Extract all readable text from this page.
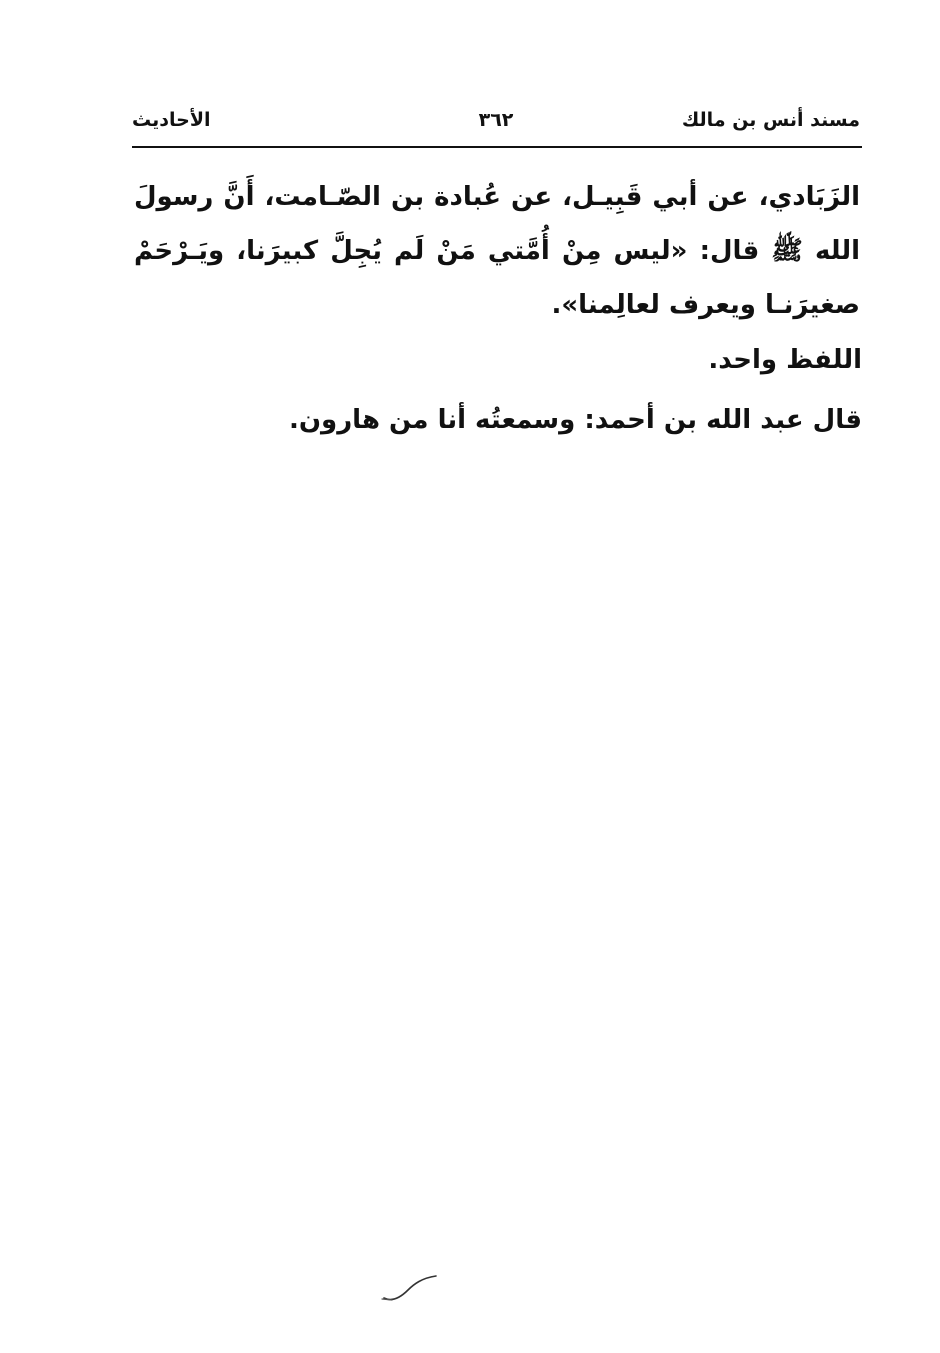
مسند أنس بن مالك
٣٦٢
الأحاديث
الزَبَادي، عن أبي قَبِيـل، عن عُبادة بن الصّـامت، أَنَّ رسولَ الله ﷺ قال: «ليس مِنْ أُمَّتي مَنْ لَم يُجِلَّ كبيرَنا، ويَـرْحَمْ صغيرَنـا ويعرف لعالِمنا».
اللفظ واحد.
قال عبد الله بن أحمد: وسمعتُه أنا من هارون.
